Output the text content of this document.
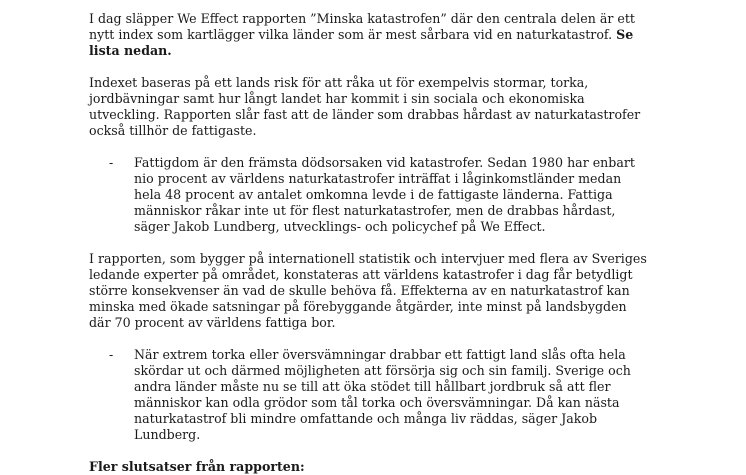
I dag släpper We Effect rapporten ”Minska katastrofen” där den centrala delen är ett nytt index som kartlägger vilka länder som är mest sårbara vid en naturkatastrof. Se lista nedan.

Indexet baseras på ett lands risk för att råka ut för exempelvis stormar, torka, jordbävningar samt hur långt landet har kommit i sin sociala och ekonomiska utveckling. Rapporten slår fast att de länder som drabbas hårdast av naturkatastrofer också tillhör de fattigaste.

- Fattigdom är den främsta dödsorsaken vid katastrofer. Sedan 1980 har enbart nio procent av världens naturkatastrofer inträffat i låginkomstländer medan hela 48 procent av antalet omkomna levde i de fattigaste länderna. Fattiga människor råkar inte ut för flest naturkatastrofer, men de drabbas hårdast, säger Jakob Lundberg, utvecklings- och policychef på We Effect.

I rapporten, som bygger på internationell statistik och intervjuer med flera av Sveriges ledande experter på området, konstateras att världens katastrofer i dag får betydligt större konsekvenser än vad de skulle behöva få. Effekterna av en naturkatastrof kan minska med ökade satsningar på förebyggande åtgärder, inte minst på landsbygden där 70 procent av världens fattiga bor.

- När extrem torka eller översvämningar drabbar ett fattigt land slås ofta hela skördar ut och därmed möjligheten att försörja sig och sin familj. Sverige och andra länder måste nu se till att öka stödet till hållbart jordbruk så att fler människor kan odla grödor som tål torka och översvämningar. Då kan nästa naturkatastrof bli mindre omfattande och många liv räddas, säger Jakob Lundberg.

Fler slutsatser från rapporten:
